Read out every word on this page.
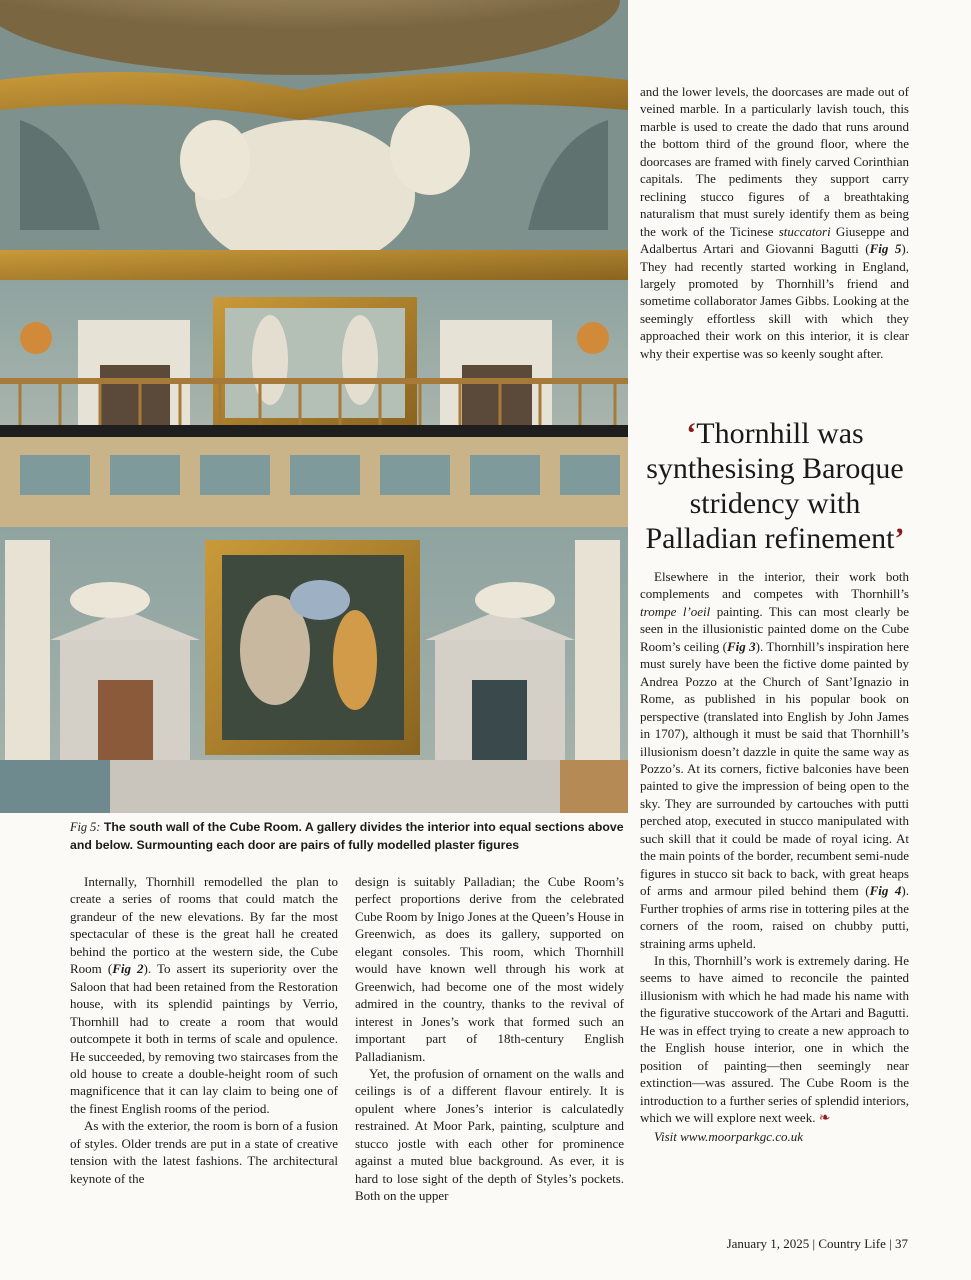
Fig 5: The south wall of the Cube Room. A gallery divides the interior into equal sections above and below. Surmounting each door are pairs of fully modelled plaster figures

Internally, Thornhill remodelled the plan to create a series of rooms that could match the grandeur of the new elevations. By far the most spectacular of these is the great hall he created behind the portico at the western side, the Cube Room (Fig 2). To assert its superiority over the Saloon that had been retained from the Restoration house, with its splendid paintings by Verrio, Thornhill had to create a room that would outcompete it both in terms of scale and opulence. He succeeded, by removing two staircases from the old house to create a double-height room of such magnificence that it can lay claim to being one of the finest English rooms of the period.

As with the exterior, the room is born of a fusion of styles. Older trends are put in a state of creative tension with the latest fashions. The architectural keynote of the

design is suitably Palladian; the Cube Room’s perfect proportions derive from the celebrated Cube Room by Inigo Jones at the Queen’s House in Greenwich, as does its gallery, supported on elegant consoles. This room, which Thornhill would have known well through his work at Greenwich, had become one of the most widely admired in the country, thanks to the revival of interest in Jones’s work that formed such an important part of 18th-century English Palladianism.

Yet, the profusion of ornament on the walls and ceilings is of a different flavour entirely. It is opulent where Jones’s interior is calculatedly restrained. At Moor Park, painting, sculpture and stucco jostle with each other for prominence against a muted blue background. As ever, it is hard to lose sight of the depth of Styles’s pockets. Both on the upper

and the lower levels, the doorcases are made out of veined marble. In a particularly lavish touch, this marble is used to create the dado that runs around the bottom third of the ground floor, where the doorcases are framed with finely carved Corinthian capitals. The pediments they support carry reclining stucco figures of a breathtaking naturalism that must surely identify them as being the work of the Ticinese stuccatori Giuseppe and Adalbertus Artari and Giovanni Bagutti (Fig 5). They had recently started working in England, largely promoted by Thornhill’s friend and sometime collaborator James Gibbs. Looking at the seemingly effortless skill with which they approached their work on this interior, it is clear why their expertise was so keenly sought after.

‘Thornhill was synthesising Baroque stridency with Palladian refinement’

Elsewhere in the interior, their work both complements and competes with Thornhill’s trompe l’oeil painting. This can most clearly be seen in the illusionistic painted dome on the Cube Room’s ceiling (Fig 3). Thornhill’s inspiration here must surely have been the fictive dome painted by Andrea Pozzo at the Church of Sant’Ignazio in Rome, as published in his popular book on perspective (translated into English by John James in 1707), although it must be said that Thornhill’s illusionism doesn’t dazzle in quite the same way as Pozzo’s. At its corners, fictive balconies have been painted to give the impression of being open to the sky. They are surrounded by cartouches with putti perched atop, executed in stucco manipulated with such skill that it could be made of royal icing. At the main points of the border, recumbent semi-nude figures in stucco sit back to back, with great heaps of arms and armour piled behind them (Fig 4). Further trophies of arms rise in tottering piles at the corners of the room, raised on chubby putti, straining arms upheld.

In this, Thornhill’s work is extremely daring. He seems to have aimed to reconcile the painted illusionism with which he had made his name with the figurative stuccowork of the Artari and Bagutti. He was in effect trying to create a new approach to the English house interior, one in which the position of painting—then seemingly near extinction—was assured. The Cube Room is the introduction to a further series of splendid interiors, which we will explore next week. ❧

Visit www.moorparkgc.co.uk

January 1, 2025 | Country Life | 37
